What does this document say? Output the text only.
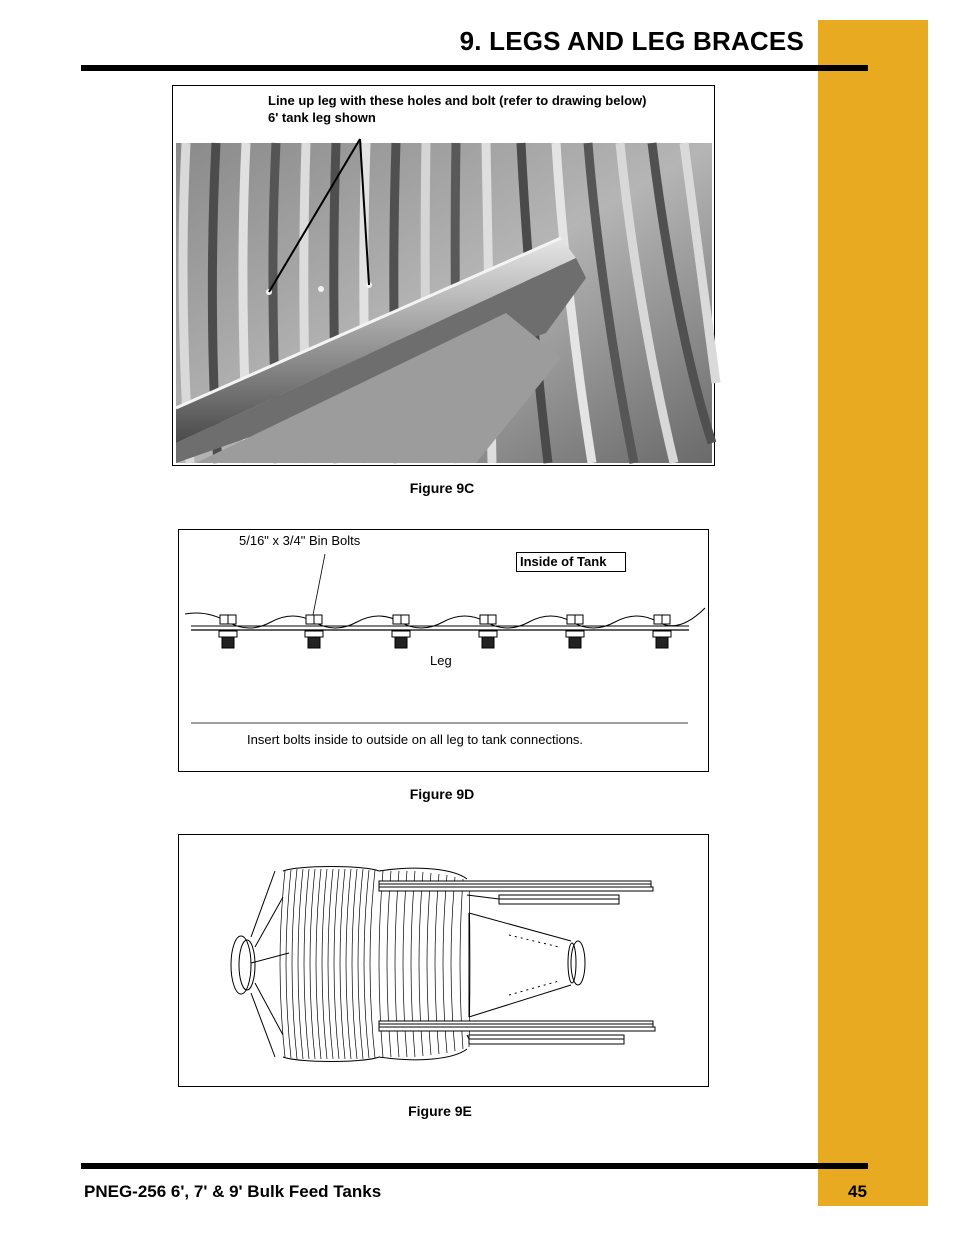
9. LEGS AND LEG BRACES
Line up leg with these holes and bolt (refer to drawing below)
6' tank leg shown
Figure 9C
5/16" x 3/4" Bin Bolts
Inside of Tank
Leg
Insert bolts inside to outside on all leg to tank connections.
Figure 9D
Figure 9E
PNEG-256 6', 7' & 9' Bulk Feed Tanks	45
